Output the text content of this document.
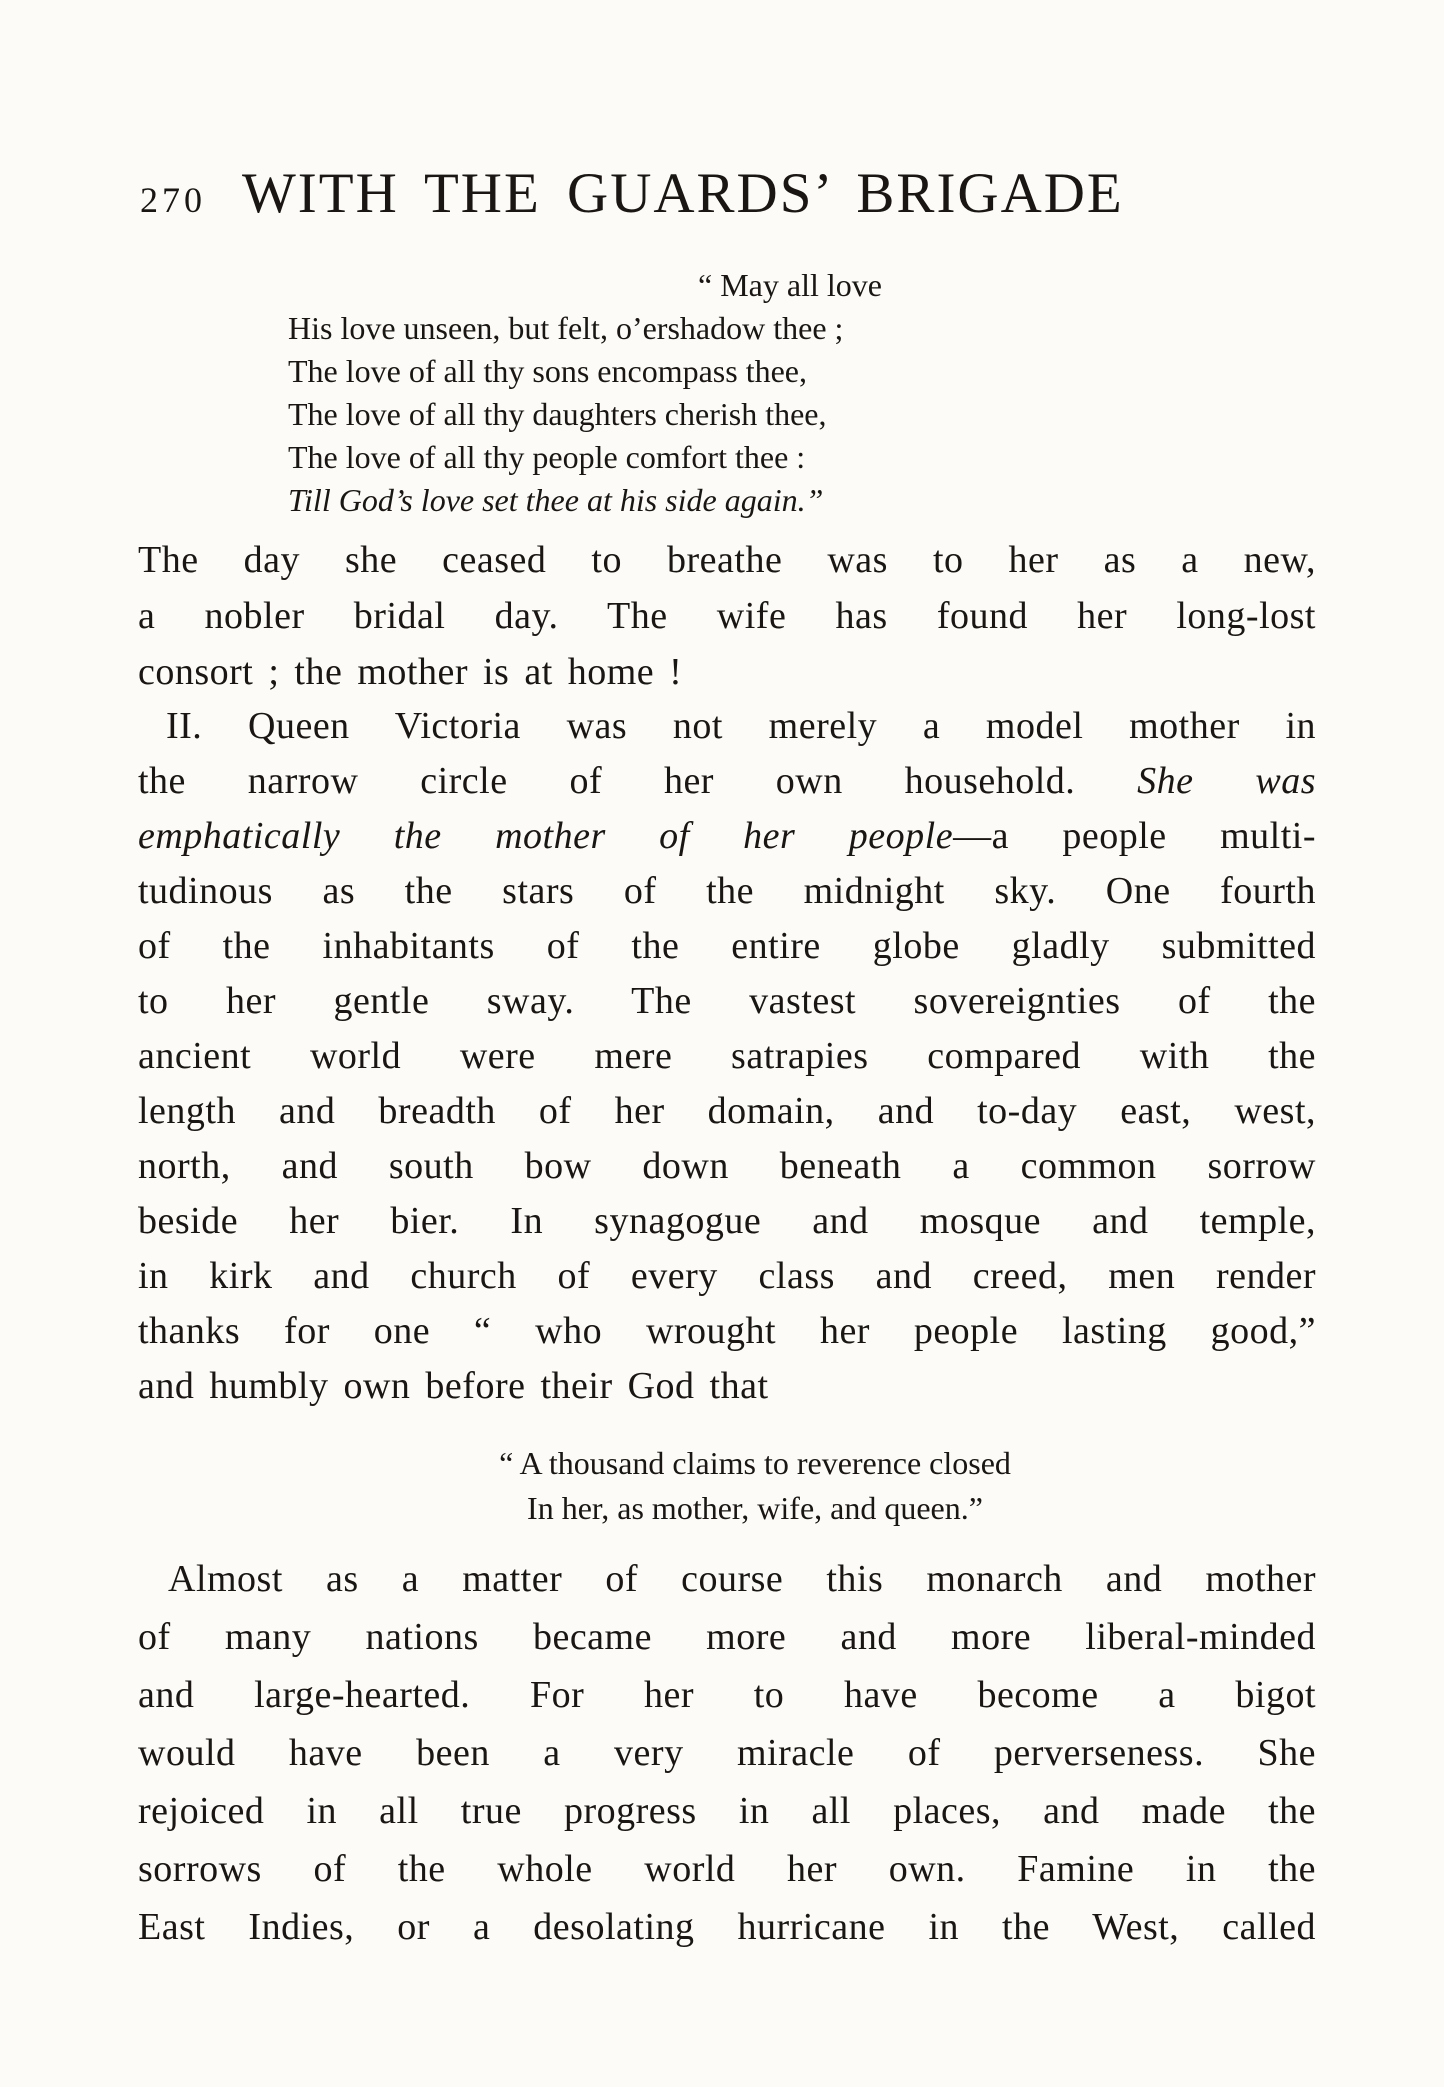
270 WITH THE GUARDS’ BRIGADE
“ May all love
His love unseen, but felt, o’ershadow thee ;
The love of all thy sons encompass thee,
The love of all thy daughters cherish thee,
The love of all thy people comfort thee :
Till God’s love set thee at his side again.”
The day she ceased to breathe was to her as a new,
a nobler bridal day. The wife has found her long-lost
consort ; the mother is at home !
II. Queen Victoria was not merely a model mother in
the narrow circle of her own household. She was
emphatically the mother of her people—a people multi-
tudinous as the stars of the midnight sky. One fourth
of the inhabitants of the entire globe gladly submitted
to her gentle sway. The vastest sovereignties of the
ancient world were mere satrapies compared with the
length and breadth of her domain, and to-day east, west,
north, and south bow down beneath a common sorrow
beside her bier. In synagogue and mosque and temple,
in kirk and church of every class and creed, men render
thanks for one “ who wrought her people lasting good,”
and humbly own before their God that
“ A thousand claims to reverence closed
In her, as mother, wife, and queen.”
Almost as a matter of course this monarch and mother
of many nations became more and more liberal-minded
and large-hearted. For her to have become a bigot
would have been a very miracle of perverseness. She
rejoiced in all true progress in all places, and made the
sorrows of the whole world her own. Famine in the
East Indies, or a desolating hurricane in the West, called
